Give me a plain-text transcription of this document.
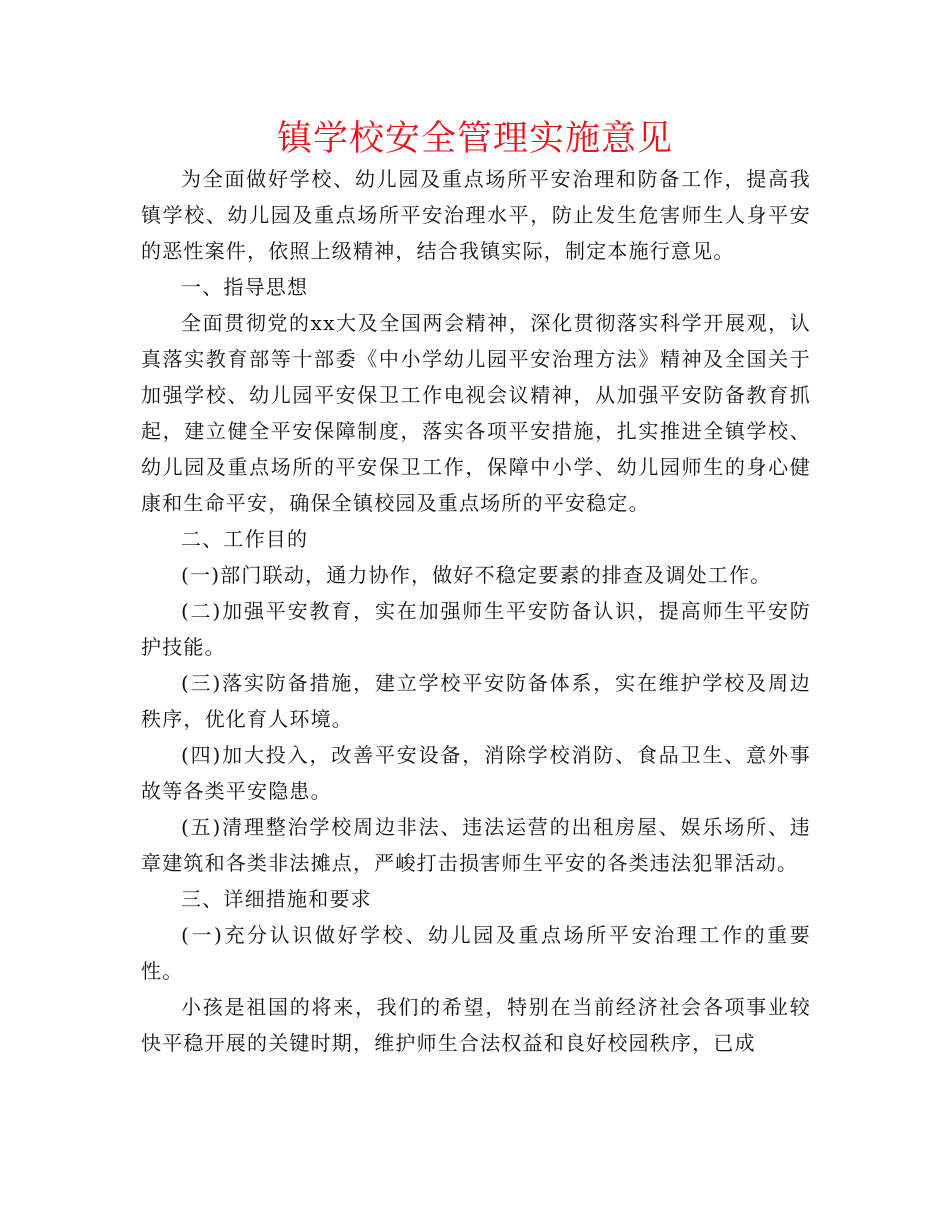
镇学校安全管理实施意见

为全面做好学校、幼儿园及重点场所平安治理和防备工作，提高我镇学校、幼儿园及重点场所平安治理水平，防止发生危害师生人身平安的恶性案件，依照上级精神，结合我镇实际，制定本施行意见。

一、指导思想

全面贯彻党的xx大及全国两会精神，深化贯彻落实科学开展观，认真落实教育部等十部委《中小学幼儿园平安治理方法》精神及全国关于加强学校、幼儿园平安保卫工作电视会议精神，从加强平安防备教育抓起，建立健全平安保障制度，落实各项平安措施，扎实推进全镇学校、幼儿园及重点场所的平安保卫工作，保障中小学、幼儿园师生的身心健康和生命平安，确保全镇校园及重点场所的平安稳定。

二、工作目的

(一)部门联动，通力协作，做好不稳定要素的排查及调处工作。

(二)加强平安教育，实在加强师生平安防备认识，提高师生平安防护技能。

(三)落实防备措施，建立学校平安防备体系，实在维护学校及周边秩序，优化育人环境。

(四)加大投入，改善平安设备，消除学校消防、食品卫生、意外事故等各类平安隐患。

(五)清理整治学校周边非法、违法运营的出租房屋、娱乐场所、违章建筑和各类非法摊点，严峻打击损害师生平安的各类违法犯罪活动。

三、详细措施和要求

(一)充分认识做好学校、幼儿园及重点场所平安治理工作的重要性。

小孩是祖国的将来，我们的希望，特别在当前经济社会各项事业较快平稳开展的关键时期，维护师生合法权益和良好校园秩序，已成
